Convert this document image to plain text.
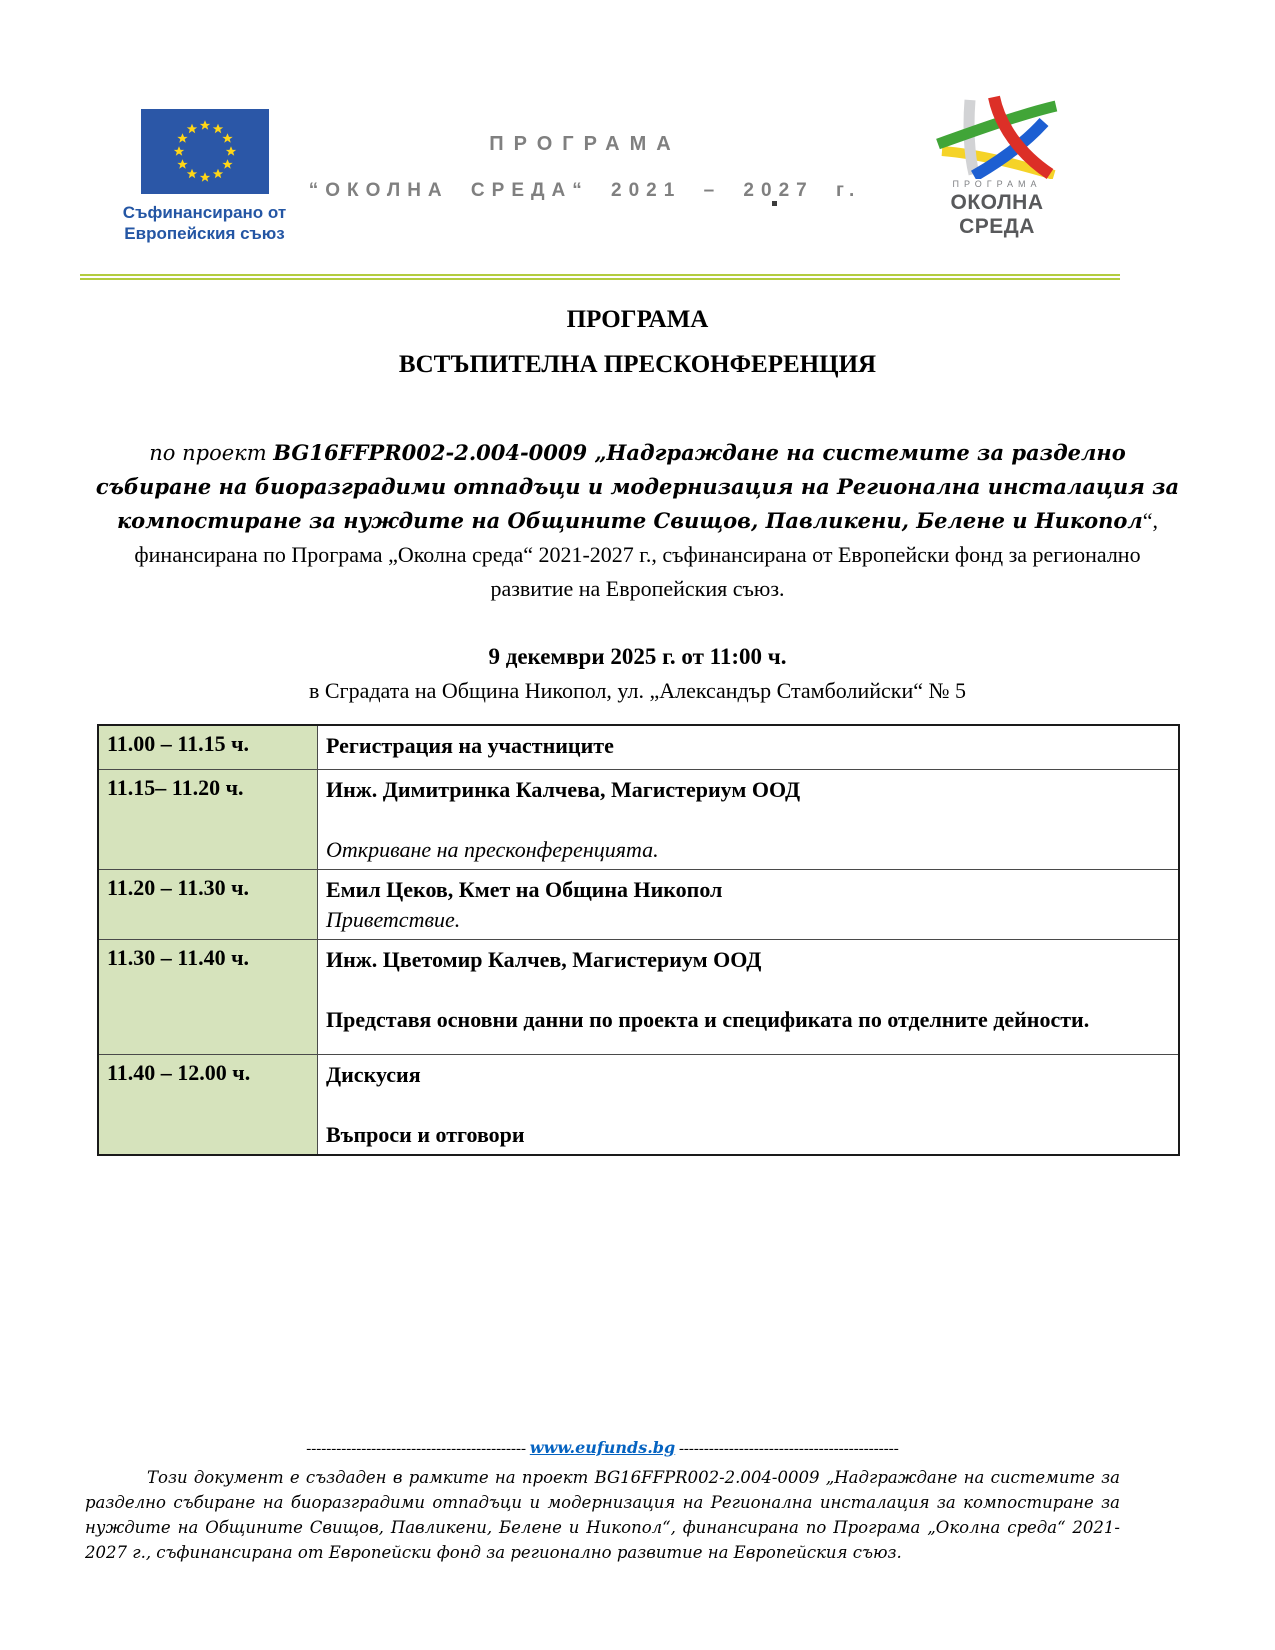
Съфинансирано от
Европейския съюз
ПРОГРАМА
“ОКОЛНА СРЕДА“ 2021 – 2027 г.	ПРОГРАМА
ОКОЛНА СРЕДА
ПРОГРАМА
ВСТЪПИТЕЛНА ПРЕСКОНФЕРЕНЦИЯ
по проект BG16FFPR002-2.004-0009 „Надграждане на системите за разделно събиране на биоразградими отпадъци и модернизация на Регионална инсталация за компостиране за нуждите на Общините Свищов, Павликени, Белене и Никопол“, финансирана по Програма „Околна среда“ 2021-2027 г., съфинансирана от Европейски фонд за регионално развитие на Европейския съюз.
9 декември 2025 г. от 11:00 ч.
в Сградата на Община Никопол, ул. „Александър Стамболийски“ № 5
11.00 – 11.15 ч.	Регистрация на участниците

11.15– 11.20 ч.	Инж. Димитринка Калчева, Магистериум ООД

Откриване на пресконференцията.

11.20 – 11.30 ч.	Емил Цеков, Кмет на Община Никопол
Приветствие.

11.30 – 11.40 ч.	Инж. Цветомир Калчев, Магистериум ООД

Представя основни данни по проекта и спецификата по отделните дейности.

11.40 – 12.00 ч.	Дискусия

Въпроси и отговори
-------------------------------------------- www.eufunds.bg --------------------------------------------
Този документ е създаден в рамките на проект BG16FFPR002-2.004-0009 „Надграждане на системите за разделно събиране на биоразградими отпадъци и модернизация на Регионална инсталация за компостиране за нуждите на Общините Свищов, Павликени, Белене и Никопол“, финансирана по Програма „Околна среда“ 2021-2027 г., съфинансирана от Европейски фонд за регионално развитие на Европейския съюз.
